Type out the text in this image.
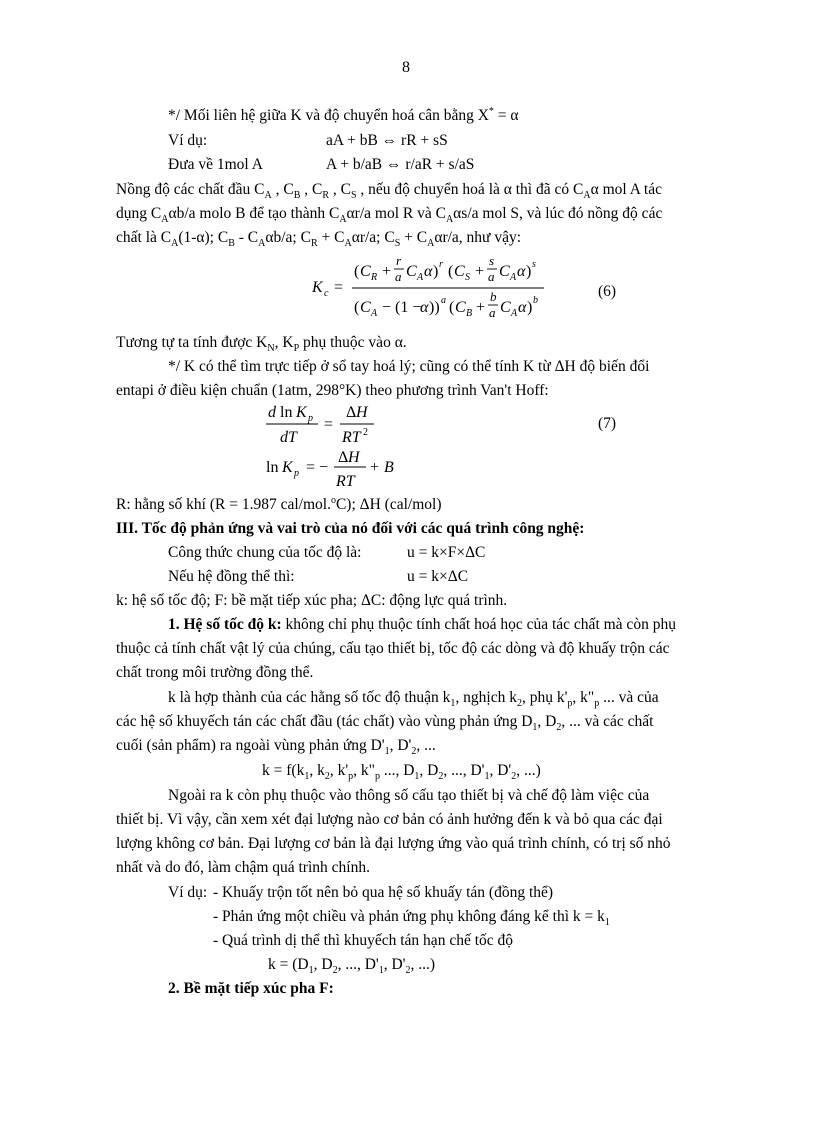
8
*/ Mối liên hệ giữa K và độ chuyển hoá cân bằng X* = α
Ví dụ:	aA + bB ⇔ rR + sS
Đưa về 1mol A	A + b/aB ⇔ r/aR + s/aS
Nồng độ các chất đầu $C_A$ , $C_B$ , $C_R$ , $C_S$ , nếu độ chuyển hoá là α thì đã có $C_A\alpha$ mol A tác
dụng $C_A\alpha b/a$ molo B để tạo thành $C_A\alpha r/a$ mol R và $C_A\alpha s/a$ mol S, và lúc đó nồng độ các
chất là $C_A(1-\alpha)$; $C_B - C_A\alpha b/a$; $C_R + C_A\alpha r/a$; $C_S + C_A\alpha r/a$, như vậy:
K c =
( C R +
r
a C A α ) r ( C S +
s
a C A α ) s
( C A − (1 −
α )) a ( C B +
b
a C A α ) b
(6)
Tương tự ta tính được $K_N$, $K_P$ phụ thuộc vào α.
*/ K có thể tìm trực tiếp ở sổ tay hoá lý; cũng có thể tính K từ ΔH độ biến đổi
entapi ở điều kiện chuẩn (1atm, 298°K) theo phương trình Van't Hoff:
d ln K p
dT
=
Δ H
RT 2
ln K p = −
Δ H
RT
+ B
(7)
R: hằng số khí (R = 1.987 cal/mol.$^o$C); ΔH (cal/mol)
III. Tốc độ phản ứng và vai trò của nó đối với các quá trình công nghệ:
Công thức chung của tốc độ là:	u = k×F×ΔC
Nếu hệ đồng thể thì:	u = k×ΔC
k: hệ số tốc độ; F: bề mặt tiếp xúc pha; ΔC: động lực quá trình.
1. Hệ số tốc độ k: không chỉ phụ thuộc tính chất hoá học của tác chất mà còn phụ
thuộc cả tính chất vật lý của chúng, cấu tạo thiết bị, tốc độ các dòng và độ khuấy trộn các
chất trong môi trường đồng thể.
k là hợp thành của các hằng số tốc độ thuận $k_1$, nghịch $k_2$, phụ $k'_p$, $k"_p$ ... và của
các hệ số khuyếch tán các chất đầu (tác chất) vào vùng phản ứng $D_1$, $D_2$, ... và các chất
cuối (sản phẩm) ra ngoài vùng phản ứng $D'_1$, $D'_2$, ...
$k = f(k_1$, $k_2$, $k'_p$, $k"_p$ ..., $D_1$, $D_2$, ..., $D'_1$, $D'_2$, ...)
Ngoài ra k còn phụ thuộc vào thông số cấu tạo thiết bị và chế độ làm việc của
thiết bị. Vì vậy, cần xem xét đại lượng nào cơ bản có ảnh hưởng đến k và bỏ qua các đại
lượng không cơ bản. Đại lượng cơ bản là đại lượng ứng vào quá trình chính, có trị số nhỏ
nhất và do đó, làm chậm quá trình chính.
Ví dụ: - Khuấy trộn tốt nên bỏ qua hệ số khuấy tán (đồng thể)
- Phản ứng một chiều và phản ứng phụ không đáng kể thì $k = k_1$
- Quá trình dị thể thì khuyếch tán hạn chế tốc độ
$k = (D_1$, $D_2$, ..., $D'_1$, $D'_2$, ...)
2. Bề mặt tiếp xúc pha F:
